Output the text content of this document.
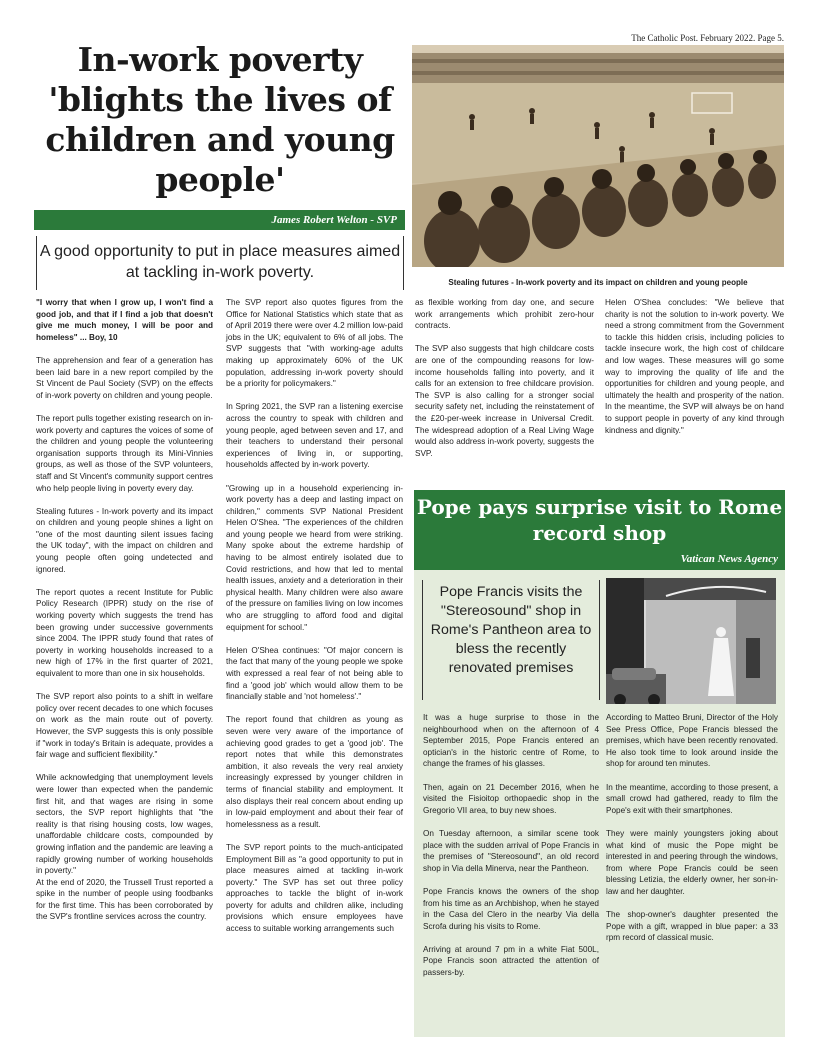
The Catholic Post. February 2022. Page 5.
In-work poverty 'blights the lives of children and young people'
James Robert Welton - SVP
A good opportunity to put in place measures aimed at tackling in-work poverty.
Stealing futures - In-work poverty and its impact on children and young people

"I worry that when I grow up, I won't find a good job, and that if I find a job that doesn't give me much money, I will be poor and homeless" ... Boy, 10

The apprehension and fear of a generation has been laid bare in a new report compiled by the St Vincent de Paul Society (SVP) on the effects of in-work poverty on children and young people.

The report pulls together existing research on in-work poverty and captures the voices of some of the children and young people the volunteering organisation supports through its Mini-Vinnies groups, as well as those of the SVP volunteers, staff and St Vincent's community support centres who help people living in poverty every day.

Stealing futures - In-work poverty and its impact on children and young people shines a light on "one of the most daunting silent issues facing the UK today", with the impact on children and young people often going undetected and ignored.

The report quotes a recent Institute for Public Policy Research (IPPR) study on the rise of working poverty which suggests the trend has been growing under successive governments since 2004. The IPPR study found that rates of poverty in working households increased to a new high of 17% in the first quarter of 2021, equivalent to more than one in six households.

The SVP report also points to a shift in welfare policy over recent decades to one which focuses on work as the main route out of poverty. However, the SVP suggests this is only possible if "work in today's Britain is adequate, provides a fair wage and sufficient flexibility."

While acknowledging that unemployment levels were lower than expected when the pandemic first hit, and that wages are rising in some sectors, the SVP report highlights that "the reality is that rising housing costs, low wages, unaffordable childcare costs, compounded by growing inflation and the pandemic are leaving a rapidly growing number of working households in poverty."

At the end of 2020, the Trussell Trust reported a spike in the number of people using foodbanks for the first time. This has been corroborated by the SVP's frontline services across the country.

The SVP report also quotes figures from the Office for National Statistics which state that as of April 2019 there were over 4.2 million low-paid jobs in the UK; equivalent to 6% of all jobs. The SVP suggests that "with working-age adults making up approximately 60% of the UK population, addressing in-work poverty should be a priority for policymakers."

In Spring 2021, the SVP ran a listening exercise across the country to speak with children and young people, aged between seven and 17, and their teachers to understand their personal experiences of living in, or supporting, households affected by in-work poverty.

"Growing up in a household experiencing in-work poverty has a deep and lasting impact on children," comments SVP National President Helen O'Shea. "The experiences of the children and young people we heard from were striking. Many spoke about the extreme hardship of having to be almost entirely isolated due to Covid restrictions, and how that led to mental health issues, anxiety and a deterioration in their physical health. Many children were also aware of the pressure on families living on low incomes who are struggling to afford food and digital equipment for school."

Helen O'Shea continues: "Of major concern is the fact that many of the young people we spoke with expressed a real fear of not being able to find a 'good job' which would allow them to be financially stable and 'not homeless'."

The report found that children as young as seven were very aware of the importance of achieving good grades to get a 'good job'. The report notes that while this demonstrates ambition, it also reveals the very real anxiety increasingly expressed by younger children in terms of financial stability and employment. It also displays their real concern about ending up in low-paid employment and about their fear of homelessness as a result.

The SVP report points to the much-anticipated Employment Bill as "a good opportunity to put in place measures aimed at tackling in-work poverty." The SVP has set out three policy approaches to tackle the blight of in-work poverty for adults and children alike, including provisions which ensure employees have access to suitable working arrangements such

as flexible working from day one, and secure work arrangements which prohibit zero-hour contracts.

The SVP also suggests that high childcare costs are one of the compounding reasons for low-income households falling into poverty, and it calls for an extension to free childcare provision. The SVP is also calling for a stronger social security safety net, including the reinstatement of the £20-per-week increase in Universal Credit. The widespread adoption of a Real Living Wage would also address in-work poverty, suggests the SVP.

Helen O'Shea concludes: "We believe that charity is not the solution to in-work poverty. We need a strong commitment from the Government to tackle this hidden crisis, including policies to tackle insecure work, the high cost of childcare and low wages. These measures will go some way to improving the quality of life and the opportunities for children and young people, and ultimately the health and prosperity of the nation. In the meantime, the SVP will always be on hand to support people in poverty of any kind through kindness and dignity."

Pope pays surprise visit to Rome record shop
Vatican News Agency
Pope Francis visits the "Stereosound" shop in Rome's Pantheon area to bless the recently renovated premises

It was a huge surprise to those in the neighbourhood when on the afternoon of 4 September 2015, Pope Francis entered an optician's in the historic centre of Rome, to change the frames of his glasses.

Then, again on 21 December 2016, when he visited the Fisioitop orthopaedic shop in the Gregorio VII area, to buy new shoes.

On Tuesday afternoon, a similar scene took place with the sudden arrival of Pope Francis in the premises of "Stereosound", an old record shop in Via della Minerva, near the Pantheon.

Pope Francis knows the owners of the shop from his time as an Archbishop, when he stayed in the Casa del Clero in the nearby Via della Scrofa during his visits to Rome.

Arriving at around 7 pm in a white Fiat 500L, Pope Francis soon attracted the attention of passers-by.

According to Matteo Bruni, Director of the Holy See Press Office, Pope Francis blessed the premises, which have been recently renovated. He also took time to look around inside the shop for around ten minutes.

In the meantime, according to those present, a small crowd had gathered, ready to film the Pope's exit with their smartphones.

They were mainly youngsters joking about what kind of music the Pope might be interested in and peering through the windows, from where Pope Francis could be seen blessing Letizia, the elderly owner, her son-in-law and her daughter.

The shop-owner's daughter presented the Pope with a gift, wrapped in blue paper: a 33 rpm record of classical music.
